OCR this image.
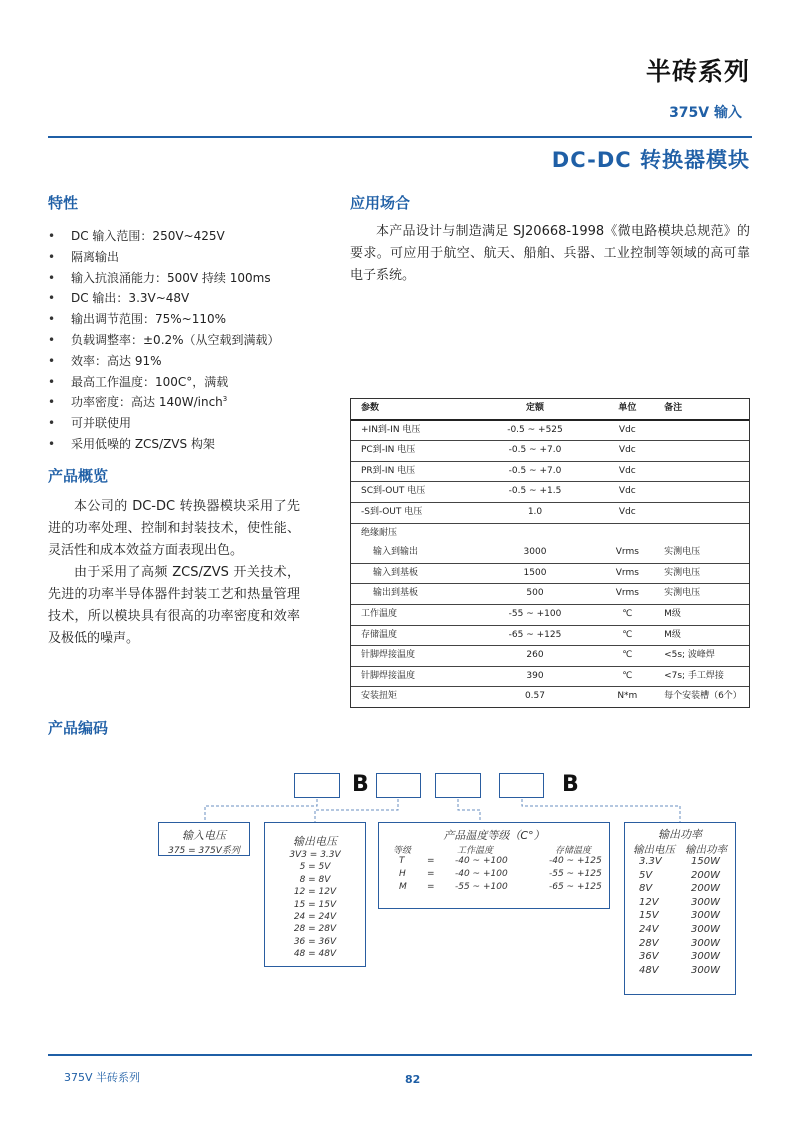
半砖系列
375V 输入
DC-DC 转换器模块
特性
• DC 输入范围：250V~425V
• 隔离输出
• 输入抗浪涌能力：500V 持续 100ms
• DC 输出：3.3V~48V
• 输出调节范围：75%~110%
• 负载调整率：±0.2%（从空载到满载）
• 效率：高达 91%
• 最高工作温度：100C°，满载
• 功率密度：高达 140W/inch$^3$
• 可并联使用
• 采用低噪的 ZCS/ZVS 构架
应用场合

本产品设计与制造满足 SJ20668-1998《微电路模块总规范》的要求。可应用于航空、航天、船舶、兵器、工业控制等领域的高可靠电子系统。

产品概览

本公司的 DC-DC 转换器模块采用了先进的功率处理、控制和封装技术，使性能、灵活性和成本效益方面表现出色。

由于采用了高频 ZCS/ZVS 开关技术，先进的功率半导体器件封装工艺和热量管理技术，所以模块具有很高的功率密度和效率及极低的噪声。

参数	定额	单位	备注
+IN到-IN 电压	-0.5 ~ +525	Vdc	
PC到-IN 电压	-0.5 ~ +7.0	Vdc	
PR到-IN 电压	-0.5 ~ +7.0	Vdc	
SC到-OUT 电压	-0.5 ~ +1.5	Vdc	
-S到-OUT 电压	1.0	Vdc	
绝缘耐压			
输入到输出	3000	Vrms	实测电压
输入到基板	1500	Vrms	实测电压
输出到基板	500	Vrms	实测电压
工作温度	-55 ~ +100	℃	M级
存储温度	-65 ~ +125	℃	M级
针脚焊接温度	260	℃	<5s; 波峰焊
针脚焊接温度	390	℃	<7s; 手工焊接
安装扭矩	0.57	N*m	每个安装槽（6个）
产品编码
B	B
输入电压
375 = 375V系列
输出电压
3V3 = 3.3V
5 = 5V
8 = 8V
12 = 12V
15 = 15V
24 = 24V
28 = 28V
36 = 36V
48 = 48V
产品温度等级（C°）
等级	工作温度	存储温度
T	= -40 ~ +100	-40 ~ +125
H = -40 ~ +100	-55 ~ +125
M = -55 ~ +100	-65 ~ +125
输出功率
输出电压 输出功率
3.3V	150W
5V	200W
8V	200W
12V	300W
15V	300W
24V	300W
28V	300W
36V	300W
48V	300W
375V 半砖系列	82
